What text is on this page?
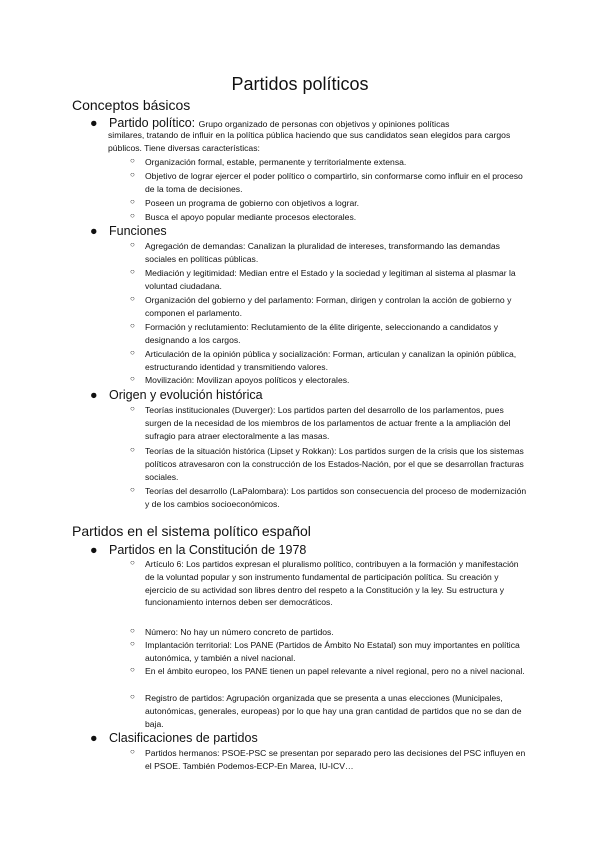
Partidos políticos
Conceptos básicos
● Partido político: Grupo organizado de personas con objetivos y opiniones políticas
similares, tratando de influir en la política pública haciendo que sus candidatos sean elegidos para cargos públicos. Tiene diversas características:
○ Organización formal, estable, permanente y territorialmente extensa.
○ Objetivo de lograr ejercer el poder político o compartirlo, sin conformarse como influir en el proceso de la toma de decisiones.
○ Poseen un programa de gobierno con objetivos a lograr.
○ Busca el apoyo popular mediante procesos electorales.
● Funciones
○ Agregación de demandas: Canalizan la pluralidad de intereses, transformando las demandas sociales en políticas públicas.
○ Mediación y legitimidad: Median entre el Estado y la sociedad y legitiman al sistema al plasmar la voluntad ciudadana.
○ Organización del gobierno y del parlamento: Forman, dirigen y controlan la acción de gobierno y componen el parlamento.
○ Formación y reclutamiento: Reclutamiento de la élite dirigente, seleccionando a candidatos y designando a los cargos.
○ Articulación de la opinión pública y socialización: Forman, articulan y canalizan la opinión pública, estructurando identidad y transmitiendo valores.
○ Movilización: Movilizan apoyos políticos y electorales.
● Origen y evolución histórica
○ Teorías institucionales (Duverger): Los partidos parten del desarrollo de los parlamentos, pues surgen de la necesidad de los miembros de los parlamentos de actuar frente a la ampliación del sufragio para atraer electoralmente a las masas.
○ Teorías de la situación histórica (Lipset y Rokkan): Los partidos surgen de la crisis que los sistemas políticos atravesaron con la construcción de los Estados-Nación, por el que se desarrollan fracturas sociales.
○ Teorías del desarrollo (LaPalombara): Los partidos son consecuencia del proceso de modernización y de los cambios socioeconómicos.
Partidos en el sistema político español
● Partidos en la Constitución de 1978
○ Artículo 6: Los partidos expresan el pluralismo político, contribuyen a la formación y manifestación de la voluntad popular y son instrumento fundamental de participación política. Su creación y ejercicio de su actividad son libres dentro del respeto a la Constitución y la ley. Su estructura y funcionamiento internos deben ser democráticos.
○ Número: No hay un número concreto de partidos.
○ Implantación territorial: Los PANE (Partidos de Ámbito No Estatal) son muy importantes en política autonómica, y también a nivel nacional.
○ En el ámbito europeo, los PANE tienen un papel relevante a nivel regional, pero no a nivel nacional.
○ Registro de partidos: Agrupación organizada que se presenta a unas elecciones (Municipales, autonómicas, generales, europeas) por lo que hay una gran cantidad de partidos que no se dan de baja.
● Clasificaciones de partidos
○ Partidos hermanos: PSOE-PSC se presentan por separado pero las decisiones del PSC influyen en el PSOE. También Podemos-ECP-En Marea, IU-ICV…
